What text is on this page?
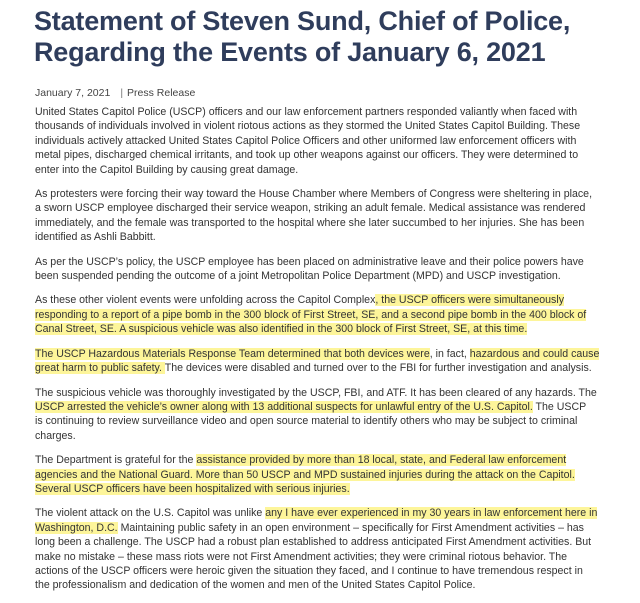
Statement of Steven Sund, Chief of Police,
Regarding the Events of January 6, 2021
January 7, 2021 | Press Release

United States Capitol Police (USCP) officers and our law enforcement partners responded valiantly when faced with
thousands of individuals involved in violent riotous actions as they stormed the United States Capitol Building. These
individuals actively attacked United States Capitol Police Officers and other uniformed law enforcement officers with
metal pipes, discharged chemical irritants, and took up other weapons against our officers. They were determined to
enter into the Capitol Building by causing great damage.

As protesters were forcing their way toward the House Chamber where Members of Congress were sheltering in place,
a sworn USCP employee discharged their service weapon, striking an adult female. Medical assistance was rendered
immediately, and the female was transported to the hospital where she later succumbed to her injuries. She has been
identified as Ashli Babbitt.

As per the USCP’s policy, the USCP employee has been placed on administrative leave and their police powers have
been suspended pending the outcome of a joint Metropolitan Police Department (MPD) and USCP investigation.

As these other violent events were unfolding across the Capitol Complex, the USCP officers were simultaneously
responding to a report of a pipe bomb in the 300 block of First Street, SE, and a second pipe bomb in the 400 block of
Canal Street, SE. A suspicious vehicle was also identified in the 300 block of First Street, SE, at this time.

The USCP Hazardous Materials Response Team determined that both devices were, in fact, hazardous and could cause
great harm to public safety. The devices were disabled and turned over to the FBI for further investigation and analysis.

The suspicious vehicle was thoroughly investigated by the USCP, FBI, and ATF. It has been cleared of any hazards. The
USCP arrested the vehicle’s owner along with 13 additional suspects for unlawful entry of the U.S. Capitol. The USCP
is continuing to review surveillance video and open source material to identify others who may be subject to criminal
charges.

The Department is grateful for the assistance provided by more than 18 local, state, and Federal law enforcement
agencies and the National Guard. More than 50 USCP and MPD sustained injuries during the attack on the Capitol.
Several USCP officers have been hospitalized with serious injuries.

The violent attack on the U.S. Capitol was unlike any I have ever experienced in my 30 years in law enforcement here in
Washington, D.C. Maintaining public safety in an open environment – specifically for First Amendment activities – has
long been a challenge. The USCP had a robust plan established to address anticipated First Amendment activities. But
make no mistake – these mass riots were not First Amendment activities; they were criminal riotous behavior. The
actions of the USCP officers were heroic given the situation they faced, and I continue to have tremendous respect in
the professionalism and dedication of the women and men of the United States Capitol Police.
